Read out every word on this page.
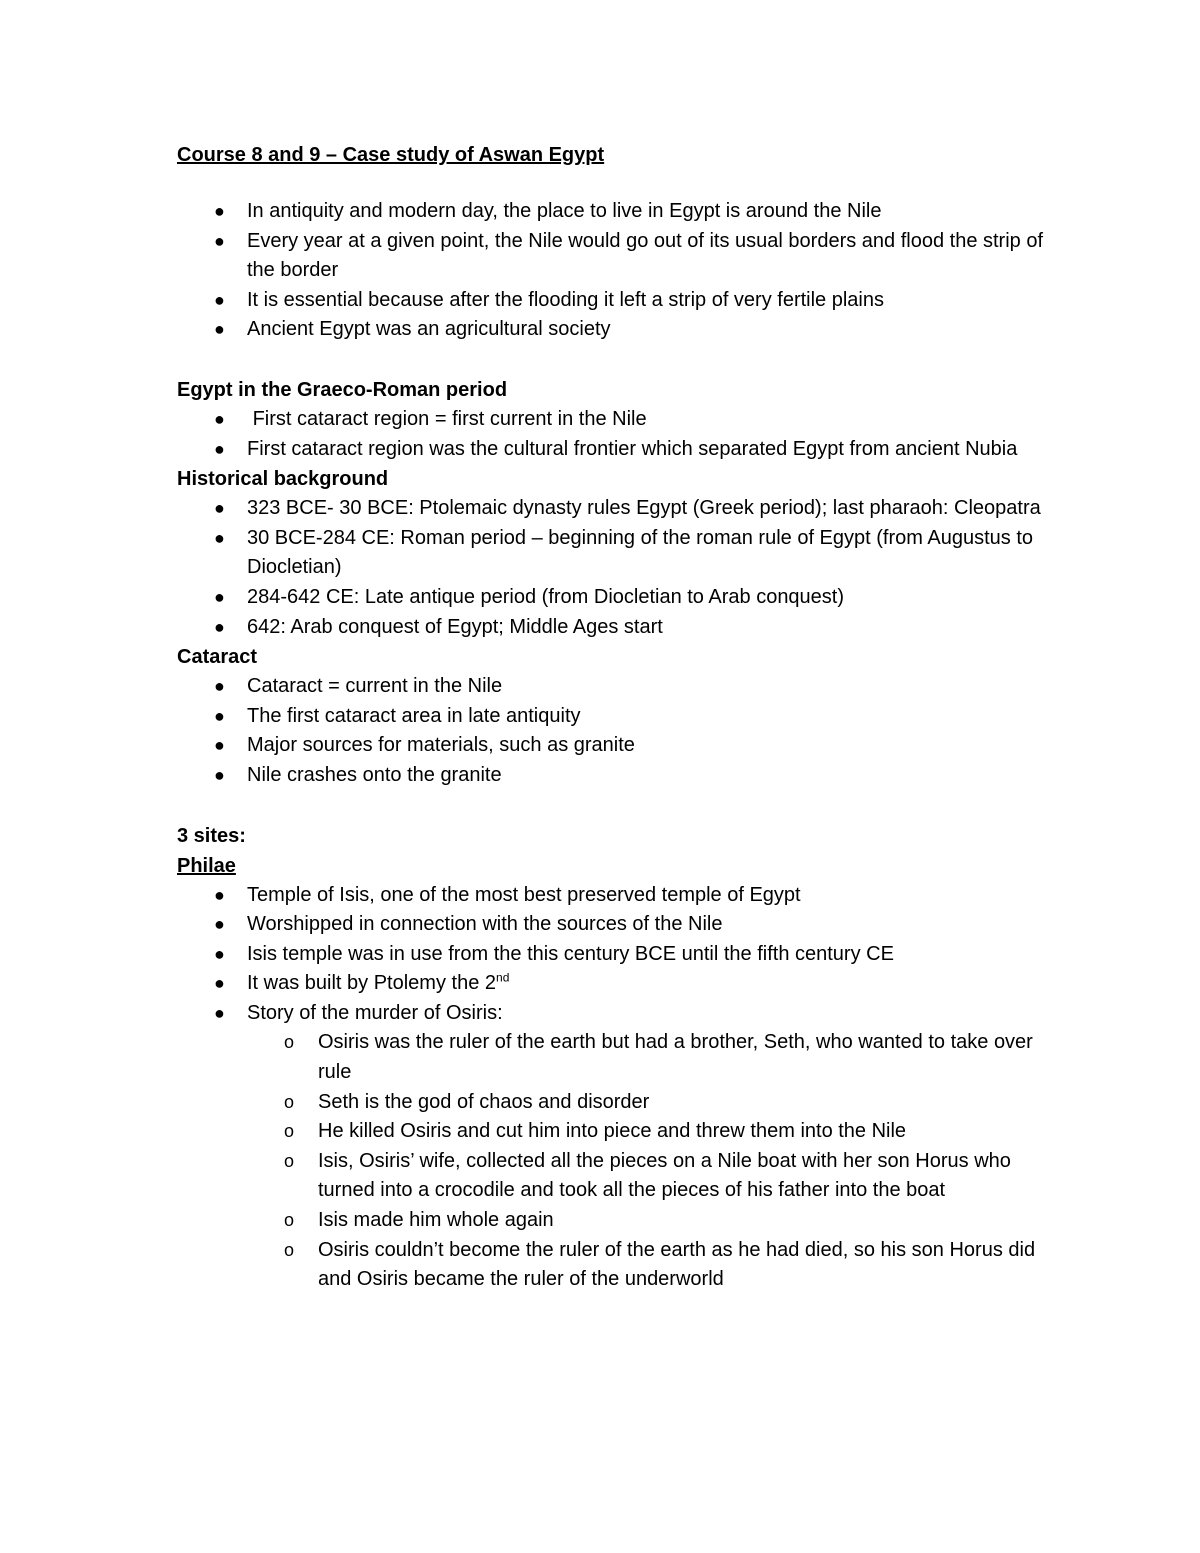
Course 8 and 9 – Case study of Aswan Egypt
● In antiquity and modern day, the place to live in Egypt is around the Nile
● Every year at a given point, the Nile would go out of its usual borders and flood the strip of the border
● It is essential because after the flooding it left a strip of very fertile plains
● Ancient Egypt was an agricultural society
Egypt in the Graeco-Roman period
● First cataract region = first current in the Nile
● First cataract region was the cultural frontier which separated Egypt from ancient Nubia
Historical background
● 323 BCE- 30 BCE: Ptolemaic dynasty rules Egypt (Greek period); last pharaoh: Cleopatra
● 30 BCE-284 CE: Roman period – beginning of the roman rule of Egypt (from Augustus to Diocletian)
● 284-642 CE: Late antique period (from Diocletian to Arab conquest)
● 642: Arab conquest of Egypt; Middle Ages start
Cataract
● Cataract = current in the Nile
● The first cataract area in late antiquity
● Major sources for materials, such as granite
● Nile crashes onto the granite
3 sites:
Philae
● Temple of Isis, one of the most best preserved temple of Egypt
● Worshipped in connection with the sources of the Nile
● Isis temple was in use from the this century BCE until the fifth century CE
● It was built by Ptolemy the 2nd
● Story of the murder of Osiris:
o Osiris was the ruler of the earth but had a brother, Seth, who wanted to take over rule
o Seth is the god of chaos and disorder
o He killed Osiris and cut him into piece and threw them into the Nile
o Isis, Osiris’ wife, collected all the pieces on a Nile boat with her son Horus who turned into a crocodile and took all the pieces of his father into the boat
o Isis made him whole again
o Osiris couldn’t become the ruler of the earth as he had died, so his son Horus did and Osiris became the ruler of the underworld
